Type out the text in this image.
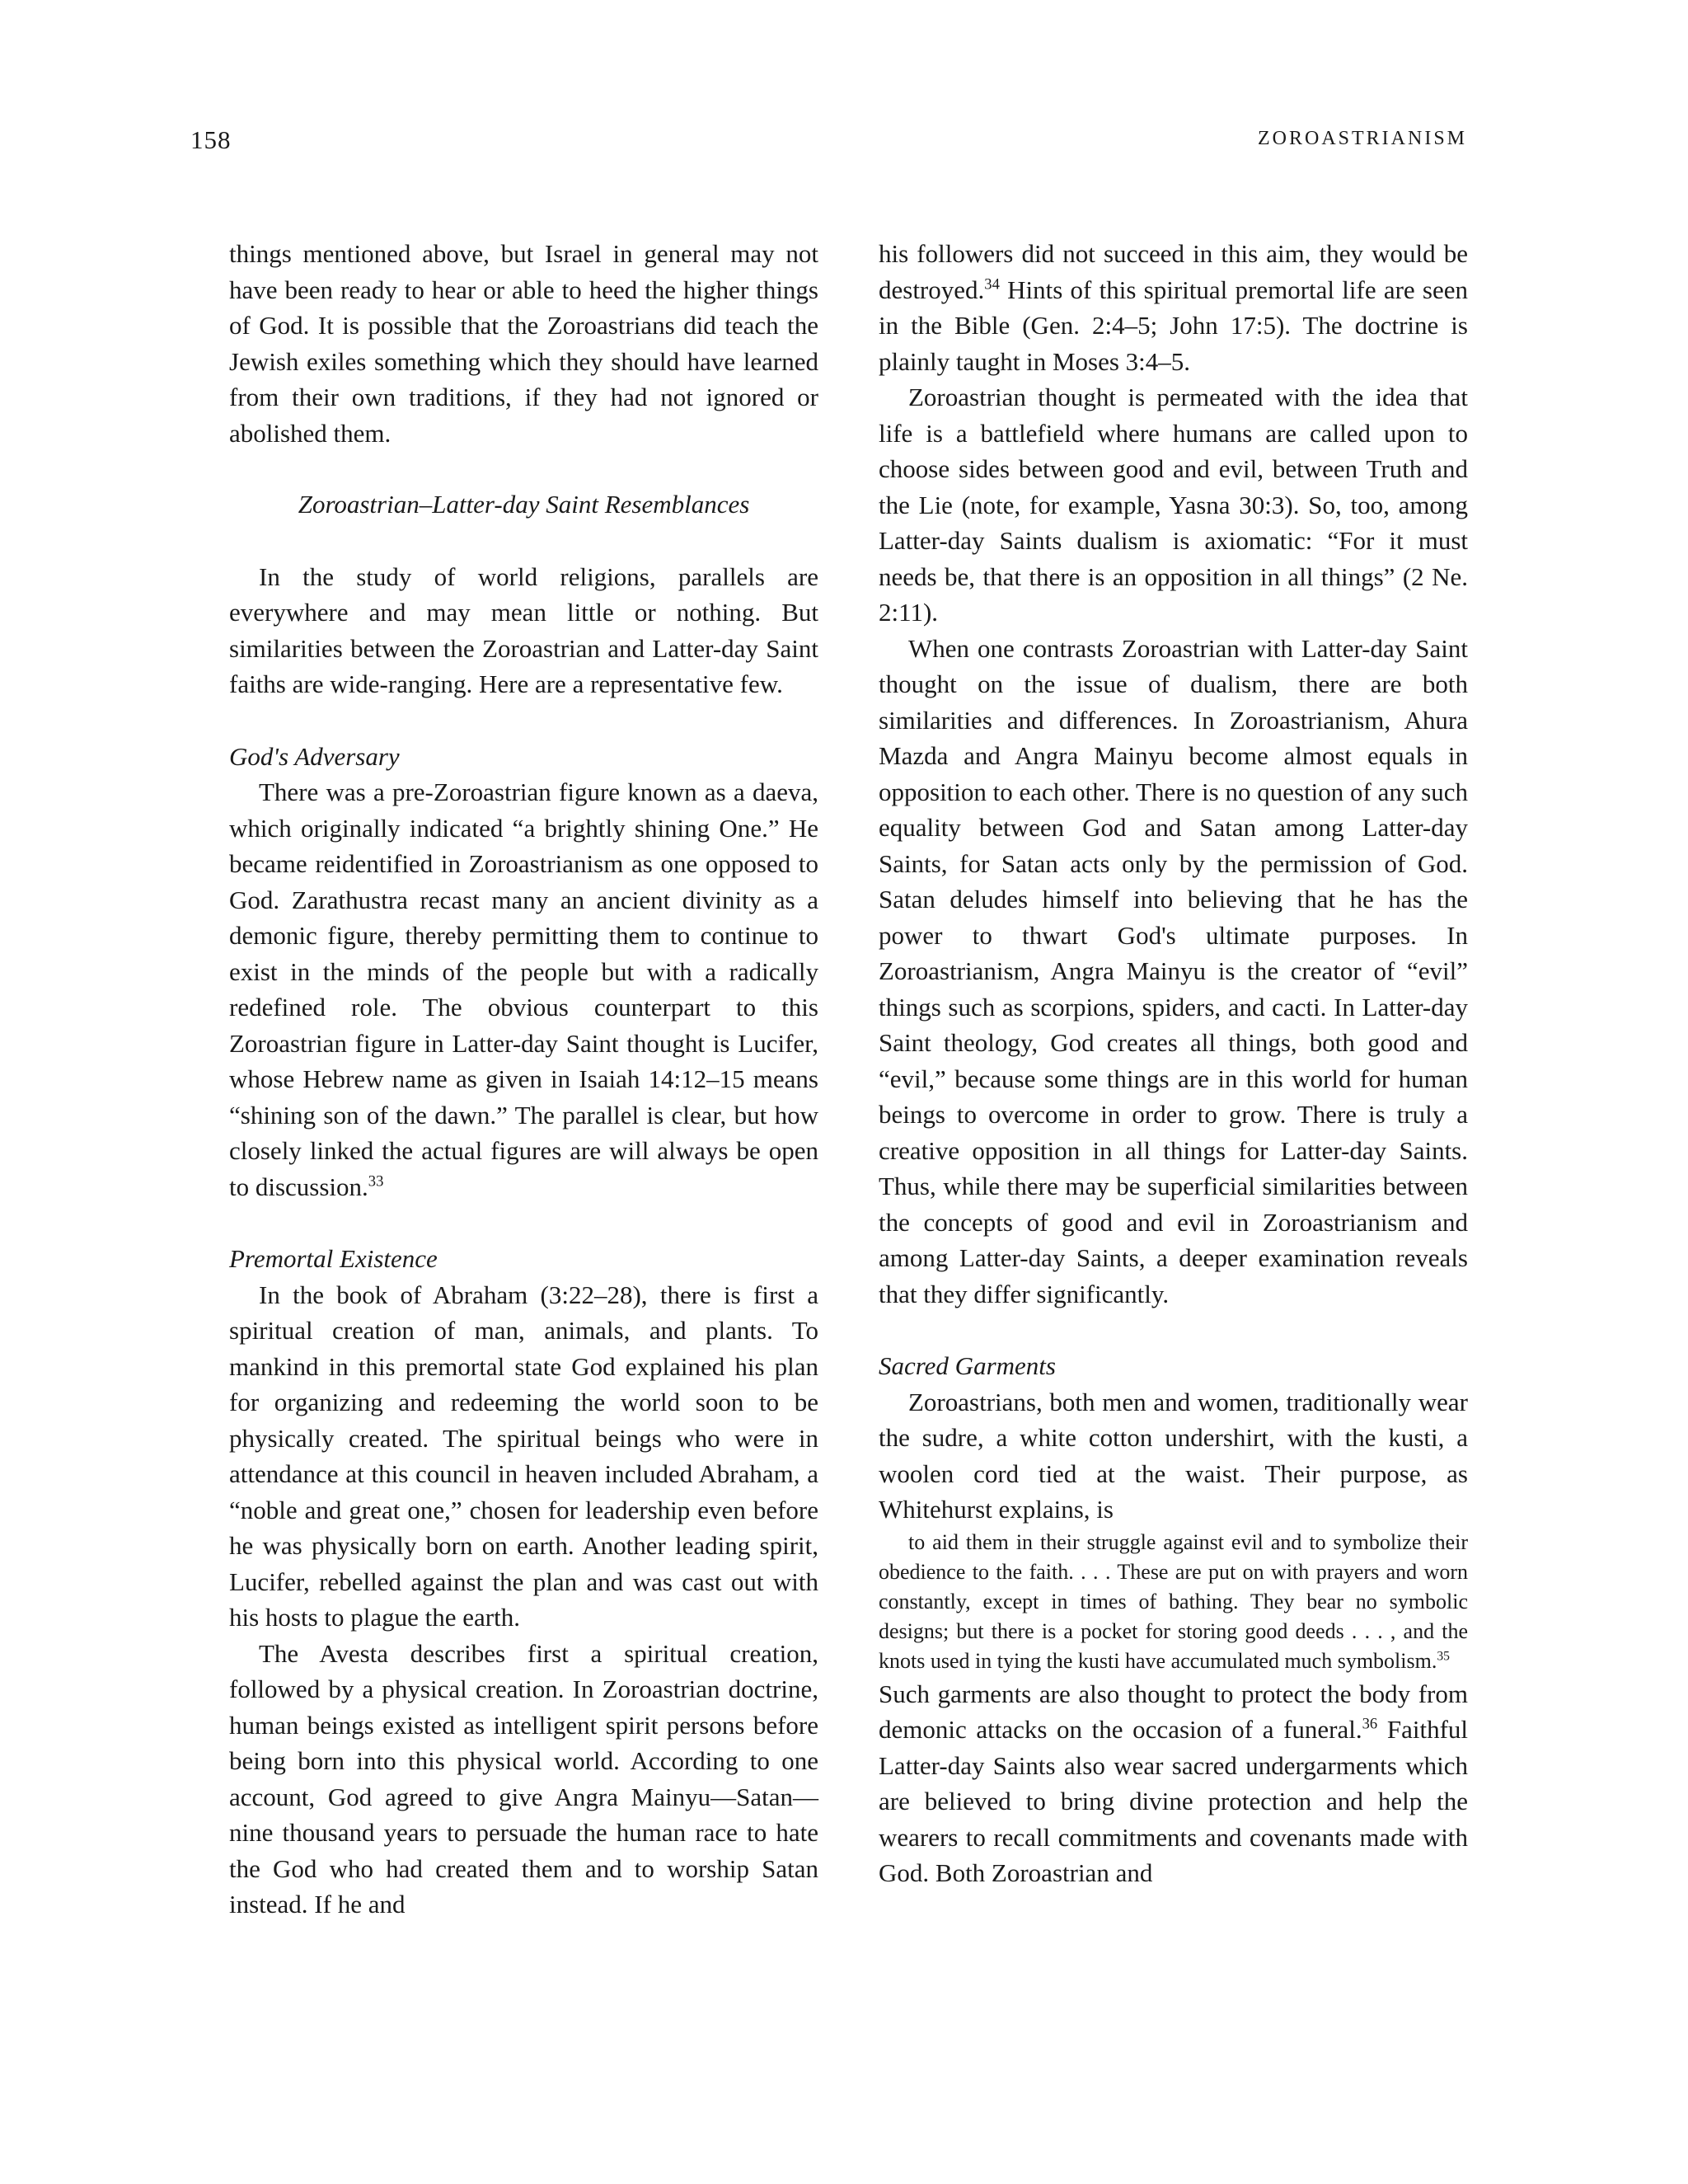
158	ZOROASTRIANISM

things mentioned above, but Israel in general may not have been ready to hear or able to heed the higher things of God. It is possible that the Zoroastrians did teach the Jewish exiles something which they should have learned from their own traditions, if they had not ignored or abolished them.

Zoroastrian–Latter-day Saint Resemblances

In the study of world religions, parallels are everywhere and may mean little or nothing. But similarities between the Zoroastrian and Latter-day Saint faiths are wide-ranging. Here are a representative few.

God's Adversary

There was a pre-Zoroastrian figure known as a daeva, which originally indicated “a brightly shining One.” He became reidentified in Zoroastrianism as one opposed to God. Zarathustra recast many an ancient divinity as a demonic figure, thereby permitting them to continue to exist in the minds of the people but with a radically redefined role. The obvious counterpart to this Zoroastrian figure in Latter-day Saint thought is Lucifer, whose Hebrew name as given in Isaiah 14:12–15 means “shining son of the dawn.” The parallel is clear, but how closely linked the actual figures are will always be open to discussion.$^{33}$

Premortal Existence

In the book of Abraham (3:22–28), there is first a spiritual creation of man, animals, and plants. To mankind in this premortal state God explained his plan for organizing and redeeming the world soon to be physically created. The spiritual beings who were in attendance at this council in heaven included Abraham, a “noble and great one,” chosen for leadership even before he was physically born on earth. Another leading spirit, Lucifer, rebelled against the plan and was cast out with his hosts to plague the earth.

The Avesta describes first a spiritual creation, followed by a physical creation. In Zoroastrian doctrine, human beings existed as intelligent spirit persons before being born into this physical world. According to one account, God agreed to give Angra Mainyu—Satan—nine thousand years to persuade the human race to hate the God who had created them and to worship Satan instead. If he and

his followers did not succeed in this aim, they would be destroyed.$^{34}$ Hints of this spiritual premortal life are seen in the Bible (Gen. 2:4–5; John 17:5). The doctrine is plainly taught in Moses 3:4–5.

Zoroastrian thought is permeated with the idea that life is a battlefield where humans are called upon to choose sides between good and evil, between Truth and the Lie (note, for example, Yasna 30:3). So, too, among Latter-day Saints dualism is axiomatic: “For it must needs be, that there is an opposition in all things” (2 Ne. 2:11).

When one contrasts Zoroastrian with Latter-day Saint thought on the issue of dualism, there are both similarities and differences. In Zoroastrianism, Ahura Mazda and Angra Mainyu become almost equals in opposition to each other. There is no question of any such equality between God and Satan among Latter-day Saints, for Satan acts only by the permission of God. Satan deludes himself into believing that he has the power to thwart God's ultimate purposes. In Zoroastrianism, Angra Mainyu is the creator of “evil” things such as scorpions, spiders, and cacti. In Latter-day Saint theology, God creates all things, both good and “evil,” because some things are in this world for human beings to overcome in order to grow. There is truly a creative opposition in all things for Latter-day Saints. Thus, while there may be superficial similarities between the concepts of good and evil in Zoroastrianism and among Latter-day Saints, a deeper examination reveals that they differ significantly.

Sacred Garments

Zoroastrians, both men and women, traditionally wear the sudre, a white cotton undershirt, with the kusti, a woolen cord tied at the waist. Their purpose, as Whitehurst explains, is

to aid them in their struggle against evil and to symbolize their obedience to the faith. . . . These are put on with prayers and worn constantly, except in times of bathing. They bear no symbolic designs; but there is a pocket for storing good deeds . . . , and the knots used in tying the kusti have accumulated much symbolism.$^{35}$

Such garments are also thought to protect the body from demonic attacks on the occasion of a funeral.$^{36}$ Faithful Latter-day Saints also wear sacred undergarments which are believed to bring divine protection and help the wearers to recall commitments and covenants made with God. Both Zoroastrian and
